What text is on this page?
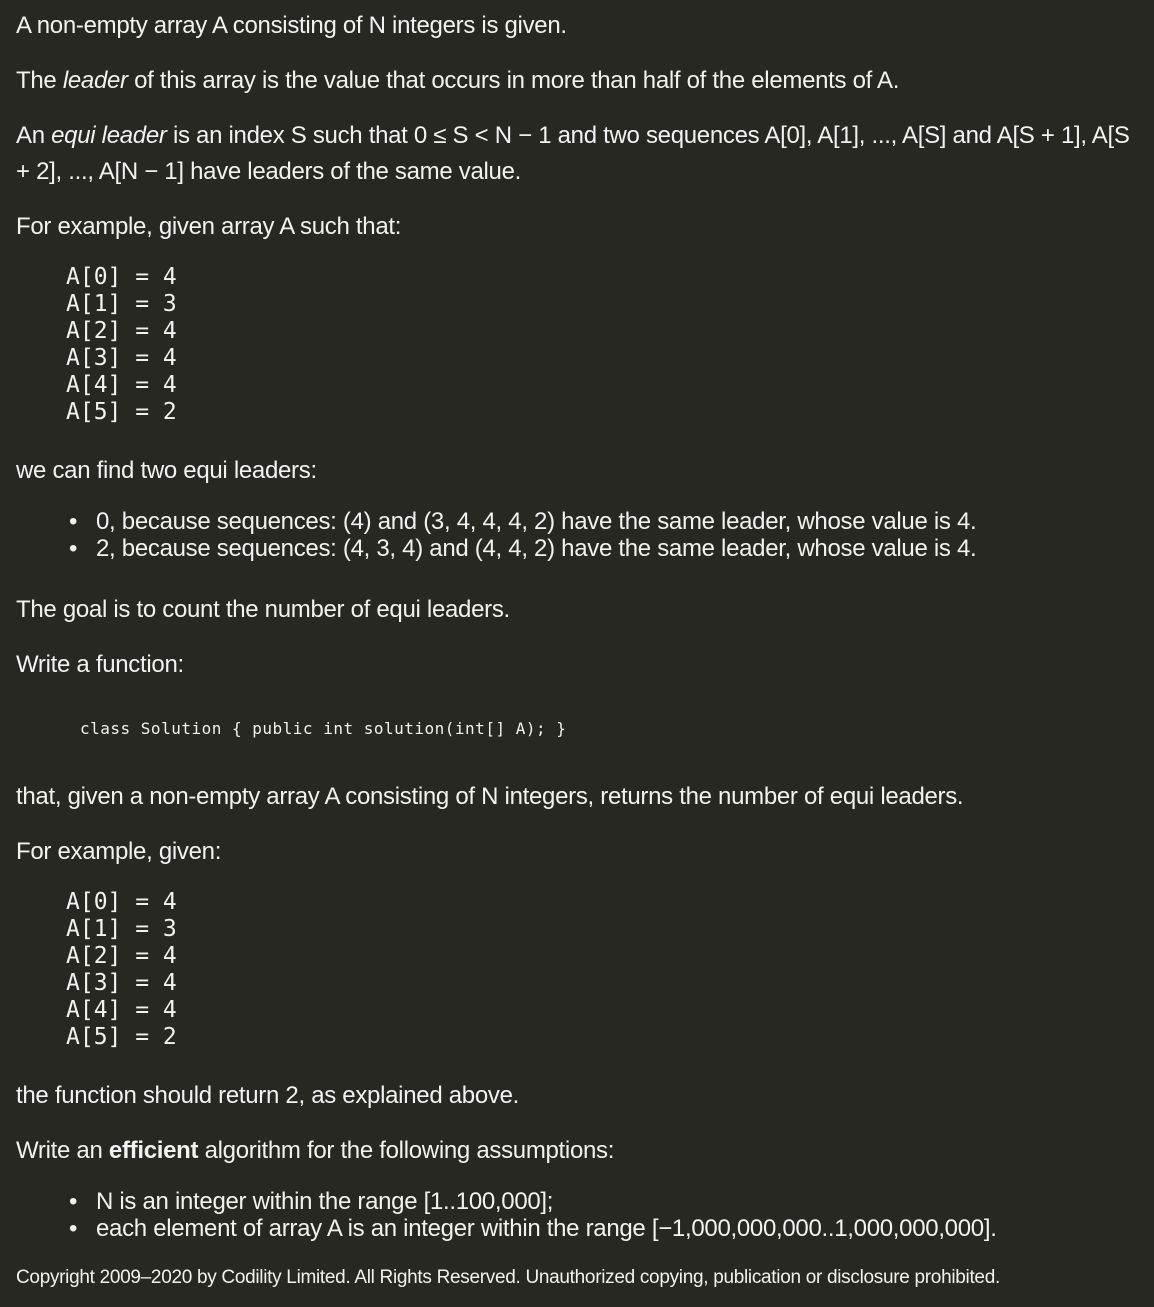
A non-empty array A consisting of N integers is given.

The leader of this array is the value that occurs in more than half of the elements of A.

An equi leader is an index S such that 0 ≤ S < N − 1 and two sequences A[0], A[1], ..., A[S] and A[S + 1], A[S + 2], ..., A[N − 1] have leaders of the same value.

For example, given array A such that:

A[0] = 4
A[1] = 3
A[2] = 4
A[3] = 4
A[4] = 4
A[5] = 2

we can find two equi leaders:

• 0, because sequences: (4) and (3, 4, 4, 4, 2) have the same leader, whose value is 4.
• 2, because sequences: (4, 3, 4) and (4, 4, 2) have the same leader, whose value is 4.

The goal is to count the number of equi leaders.

Write a function:

class Solution { public int solution(int[] A); }

that, given a non-empty array A consisting of N integers, returns the number of equi leaders.

For example, given:

A[0] = 4
A[1] = 3
A[2] = 4
A[3] = 4
A[4] = 4
A[5] = 2

the function should return 2, as explained above.

Write an efficient algorithm for the following assumptions:

• N is an integer within the range [1..100,000];
• each element of array A is an integer within the range [−1,000,000,000..1,000,000,000].

Copyright 2009–2020 by Codility Limited. All Rights Reserved. Unauthorized copying, publication or disclosure prohibited.
